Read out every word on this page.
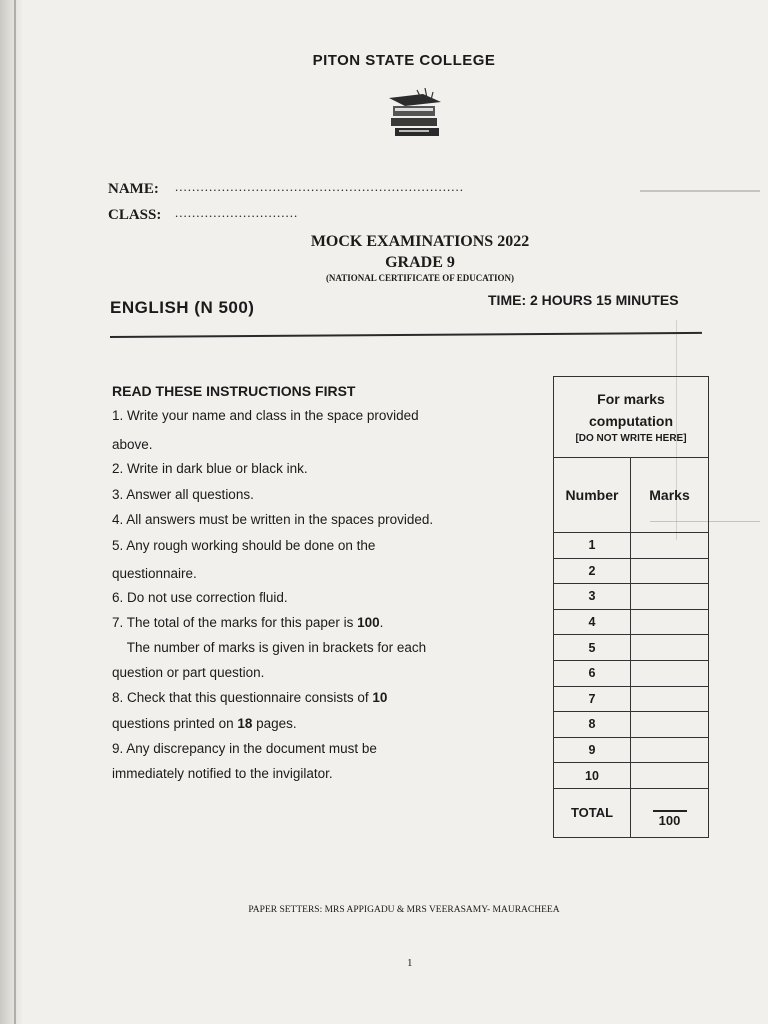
PITON STATE COLLEGE
NAME: ....................................................................
CLASS: .............................
MOCK EXAMINATIONS 2022
GRADE 9
(NATIONAL CERTIFICATE OF EDUCATION)
ENGLISH (N 500)	TIME: 2 HOURS 15 MINUTES
READ THESE INSTRUCTIONS FIRST
1. Write your name and class in the space provided
above.
2. Write in dark blue or black ink.
3. Answer all questions.
4. All answers must be written in the spaces provided.
5. Any rough working should be done on the
questionnaire.
6. Do not use correction fluid.
7. The total of the marks for this paper is 100.
The number of marks is given in brackets for each
question or part question.
8. Check that this questionnaire consists of 10
questions printed on 18 pages.
9. Any discrepancy in the document must be
immediately notified to the invigilator.
For marks
computation
[DO NOT WRITE HERE]	

Number	Marks
1	
2	
3	
4	
5	
6	
7	
8	
9	
10	
TOTAL	100
PAPER SETTERS: MRS APPIGADU & MRS VEERASAMY- MAURACHEEA
1
